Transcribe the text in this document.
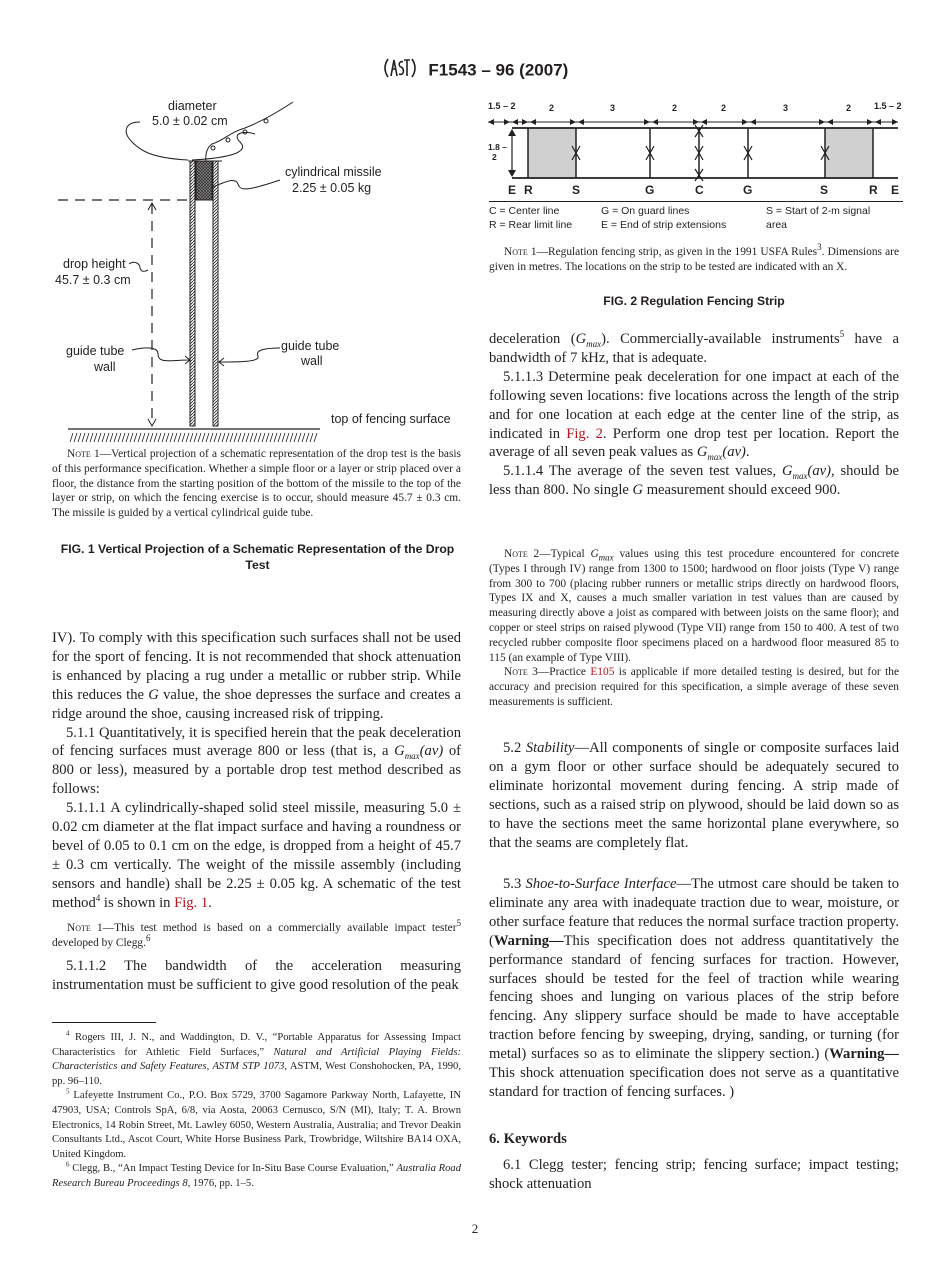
F1543 – 96 (2007)
diameter
5.0 ± 0.02 cm
cylindrical missile
2.25 ± 0.05 kg
drop height
45.7 ± 0.3 cm
guide tube
wall
guide tube
wall
top of fencing surface

Note 1—Vertical projection of a schematic representation of the drop test is the basis of this performance specification. Whether a simple floor or a layer or strip placed over a floor, the distance from the starting position of the bottom of the missile to the top of the layer or strip, on which the fencing exercise is to occur, should measure 45.7 ± 0.3 cm. The missile is guided by a vertical cylindrical guide tube.

FIG. 1 Vertical Projection of a Schematic Representation of the Drop Test
1.5 – 2	2	3	2	2	3	2	1.5 – 2
1.8 –
2
E R	S	G	C	G	S	R E
C = Center line	G = On guard lines	S = Start of 2-m signal
R = Rear limit line	E = End of strip extensions	area

Note 1—Regulation fencing strip, as given in the 1991 USFA Rules$^3$. Dimensions are given in metres. The locations on the strip to be tested are indicated with an X.

FIG. 2 Regulation Fencing Strip

IV). To comply with this specification such surfaces shall not be used for the sport of fencing. It is not recommended that shock attenuation is enhanced by placing a rug under a metallic or rubber strip. While this reduces the G value, the shoe depresses the surface and creates a ridge around the shoe, causing increased risk of tripping.

5.1.1 Quantitatively, it is specified herein that the peak deceleration of fencing surfaces must average 800 or less (that is, a $G_{max}(av)$ of 800 or less), measured by a portable drop test method described as follows:

5.1.1.1 A cylindrically-shaped solid steel missile, measuring 5.0 ± 0.02 cm diameter at the flat impact surface and having a roundness or bevel of 0.05 to 0.1 cm on the edge, is dropped from a height of 45.7 ± 0.3 cm vertically. The weight of the missile assembly (including sensors and handle) shall be 2.25 ± 0.05 kg. A schematic of the test method$^4$ is shown in Fig. 1.

Note 1—This test method is based on a commercially available impact tester$^5$ developed by Clegg.$^6$

5.1.1.2 The bandwidth of the acceleration measuring instrumentation must be sufficient to give good resolution of the peak

$^4$ Rogers III, J. N., and Waddington, D. V., “Portable Apparatus for Assessing Impact Characteristics for Athletic Field Surfaces,” Natural and Artificial Playing Fields: Characteristics and Safety Features, ASTM STP 1073, ASTM, West Conshohocken, PA, 1990, pp. 96–110.

$^5$ Lafeyette Instrument Co., P.O. Box 5729, 3700 Sagamore Parkway North, Lafayette, IN 47903, USA; Controls SpA, 6/8, via Aosta, 20063 Cernusco, S/N (MI), Italy; T. A. Brown Electronics, 14 Robin Street, Mt. Lawley 6050, Western Australia, Australia; and Trevor Deakin Consultants Ltd., Ascot Court, White Horse Business Park, Trowbridge, Wiltshire BA14 OXA, United Kingdom.

$^6$ Clegg, B., “An Impact Testing Device for In-Situ Base Course Evaluation,” Australia Road Research Bureau Proceedings 8, 1976, pp. 1–5.

deceleration $(G_{max})$. Commercially-available instruments$^5$ have a bandwidth of 7 kHz, that is adequate.

5.1.1.3 Determine peak deceleration for one impact at each of the following seven locations: five locations across the length of the strip and for one location at each edge at the center line of the strip, as indicated in Fig. 2. Perform one drop test per location. Report the average of all seven peak values as $G_{max}(av)$.

5.1.1.4 The average of the seven test values, $G_{max}(av)$, should be less than 800. No single G measurement should exceed 900.

Note 2—Typical $G_{max}$ values using this test procedure encountered for concrete (Types I through IV) range from 1300 to 1500; hardwood on floor joists (Type V) range from 300 to 700 (placing rubber runners or metallic strips directly on hardwood floors, Types IX and X, causes a much smaller variation in test values than are caused by measuring directly above a joist as compared with between joists on the same floor); and copper or steel strips on raised plywood (Type VII) range from 150 to 400. A test of two recycled rubber composite floor specimens placed on a hardwood floor measured 85 to 115 (an example of Type VIII).

Note 3—Practice E105 is applicable if more detailed testing is desired, but for the accuracy and precision required for this specification, a simple average of these seven measurements is sufficient.

5.2 Stability—All components of single or composite surfaces laid on a gym floor or other surface should be adequately secured to eliminate horizontal movement during fencing. A strip made of sections, such as a raised strip on plywood, should be laid down so as to have the sections meet the same horizontal plane everywhere, so that the seams are completely flat.

5.3 Shoe-to-Surface Interface—The utmost care should be taken to eliminate any area with inadequate traction due to wear, moisture, or other surface feature that reduces the normal surface traction property. (Warning—This specification does not address quantitatively the performance standard of fencing surfaces for traction. However, surfaces should be tested for the feel of traction while wearing fencing shoes and lunging on various places of the strip before fencing. Any slippery surface should be made to have acceptable traction before fencing by sweeping, drying, sanding, or turning (for metal) surfaces so as to eliminate the slippery section.) (Warning—This shock attenuation specification does not serve as a quantitative standard for traction of fencing surfaces. )

6. Keywords

6.1 Clegg tester; fencing strip; fencing surface; impact testing; shock attenuation

2
